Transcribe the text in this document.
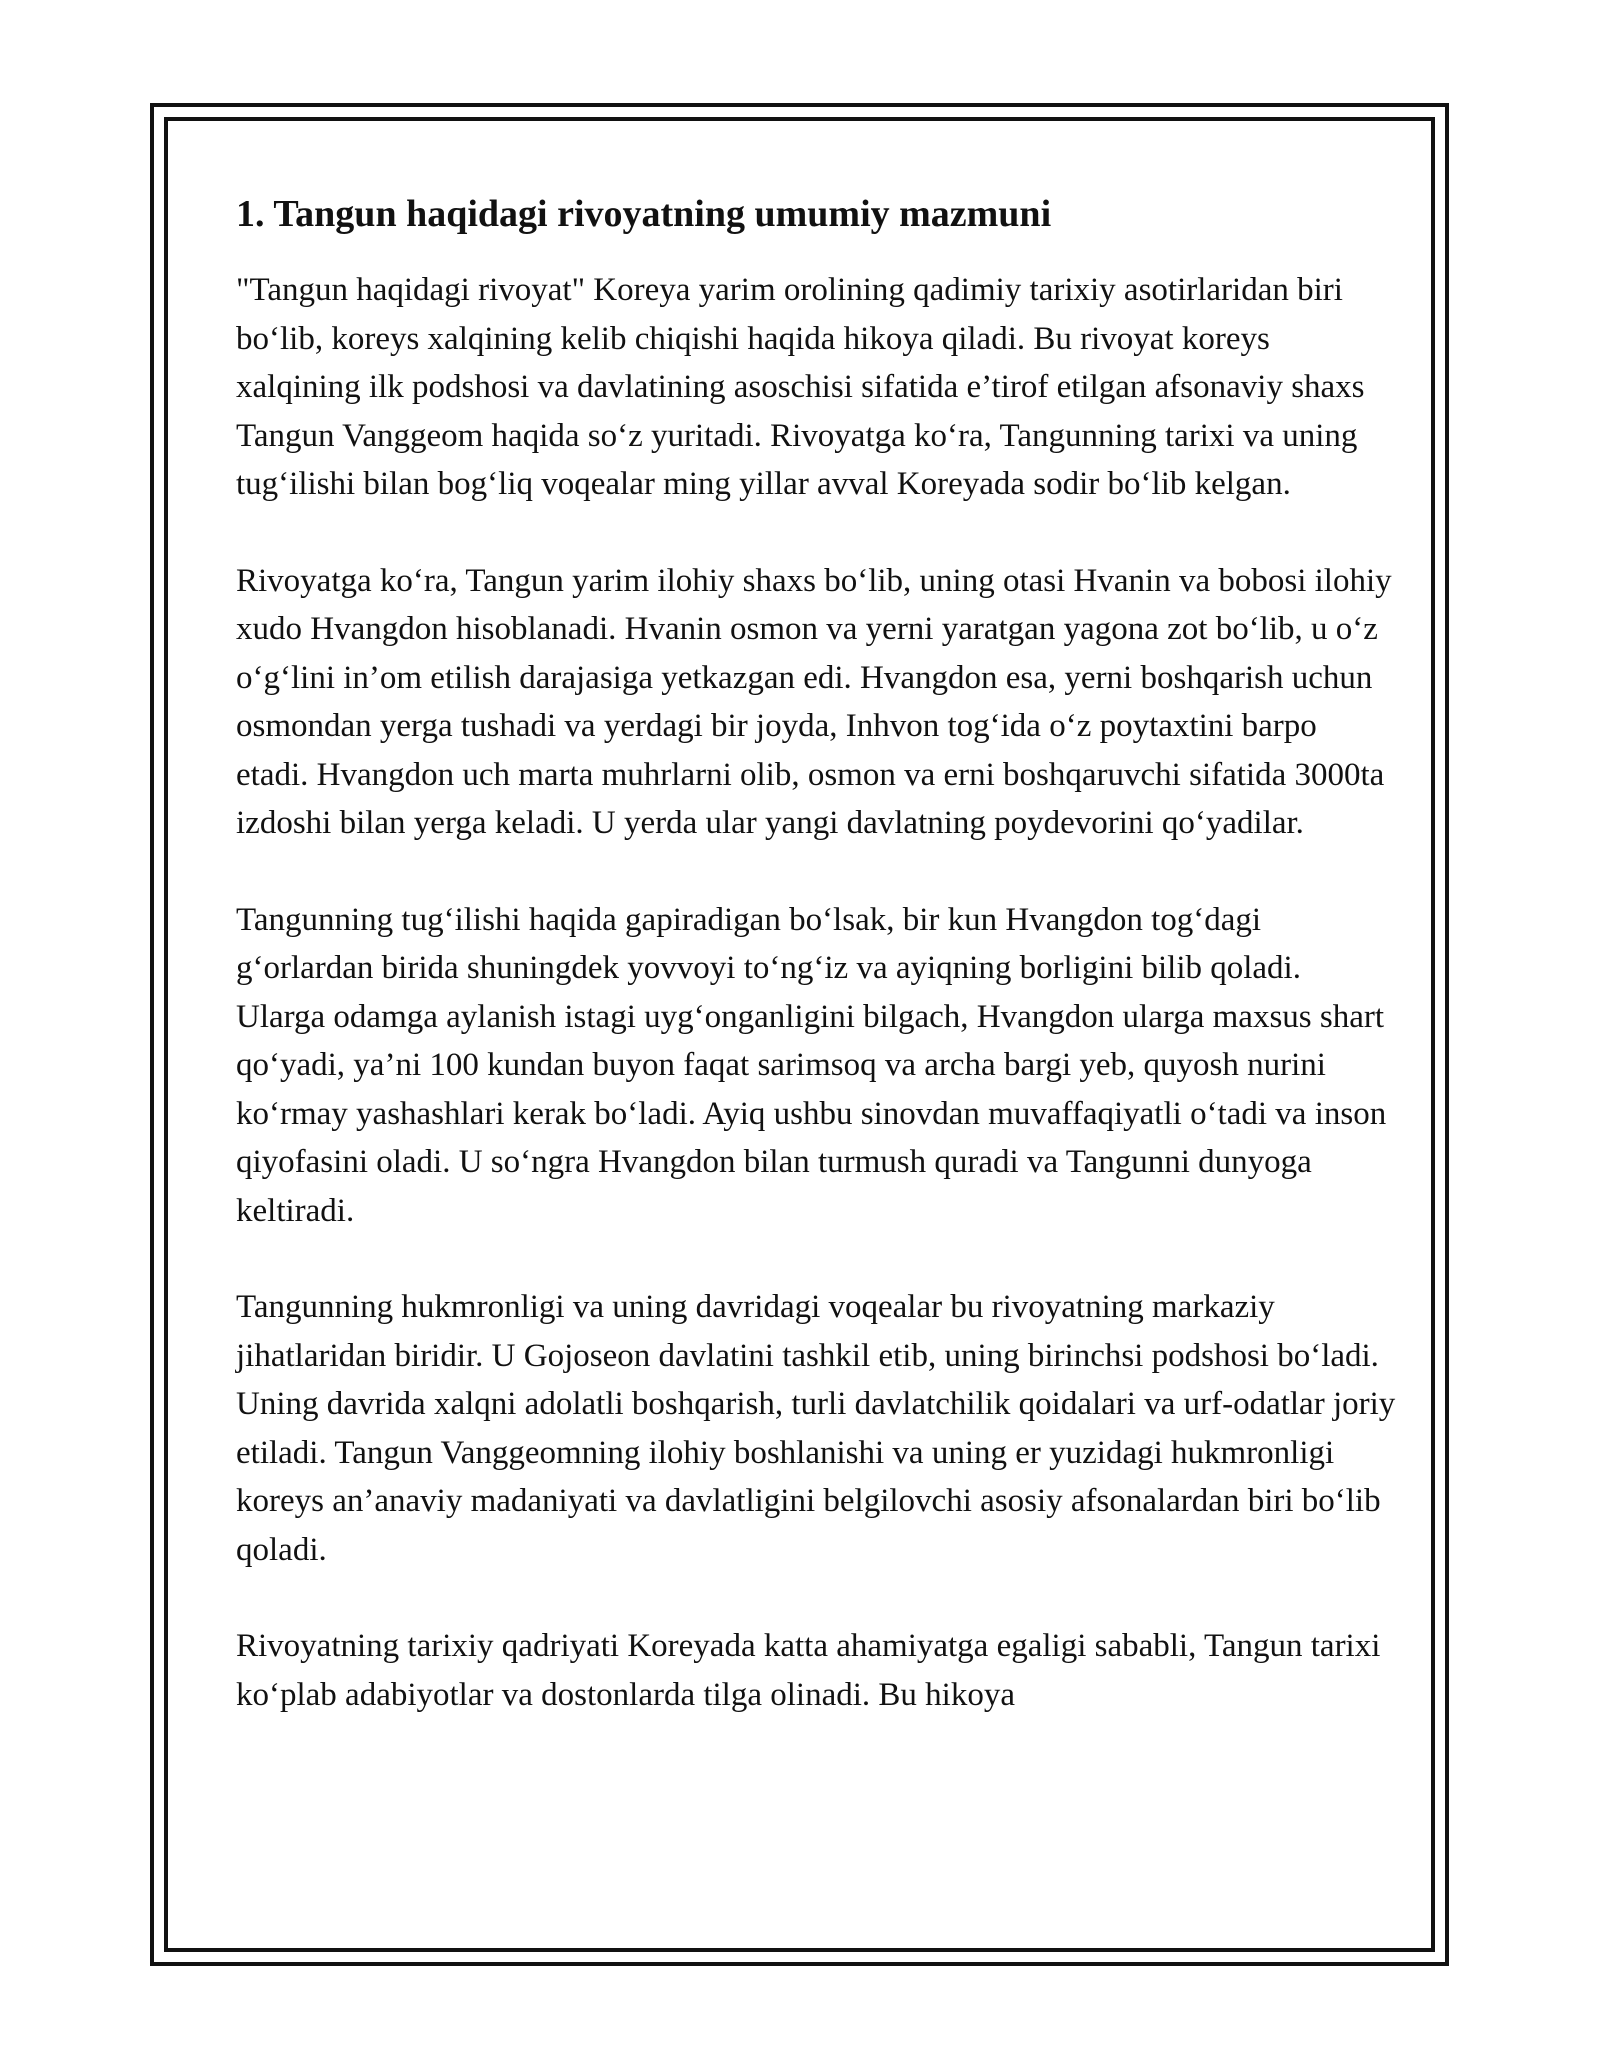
1. Tangun haqidagi rivoyatning umumiy mazmuni

"Tangun haqidagi rivoyat" Koreya yarim orolining qadimiy tarixiy asotirlaridan biri bo‘lib, koreys xalqining kelib chiqishi haqida hikoya qiladi. Bu rivoyat koreys xalqining ilk podshosi va davlatining asoschisi sifatida e’tirof etilgan afsonaviy shaxs Tangun Vanggeom haqida so‘z yuritadi. Rivoyatga ko‘ra, Tangunning tarixi va uning tug‘ilishi bilan bog‘liq voqealar ming yillar avval Koreyada sodir bo‘lib kelgan.

Rivoyatga ko‘ra, Tangun yarim ilohiy shaxs bo‘lib, uning otasi Hvanin va bobosi ilohiy xudo Hvangdon hisoblanadi. Hvanin osmon va yerni yaratgan yagona zot bo‘lib, u o‘z o‘g‘lini in’om etilish darajasiga yetkazgan edi. Hvangdon esa, yerni boshqarish uchun osmondan yerga tushadi va yerdagi bir joyda, Inhvon tog‘ida o‘z poytaxtini barpo etadi. Hvangdon uch marta muhrlarni olib, osmon va erni boshqaruvchi sifatida 3000ta izdoshi bilan yerga keladi. U yerda ular yangi davlatning poydevorini qo‘yadilar.

Tangunning tug‘ilishi haqida gapiradigan bo‘lsak, bir kun Hvangdon tog‘dagi g‘orlardan birida shuningdek yovvoyi to‘ng‘iz va ayiqning borligini bilib qoladi. Ularga odamga aylanish istagi uyg‘onganligini bilgach, Hvangdon ularga maxsus shart qo‘yadi, ya’ni 100 kundan buyon faqat sarimsoq va archa bargi yeb, quyosh nurini ko‘rmay yashashlari kerak bo‘ladi. Ayiq ushbu sinovdan muvaffaqiyatli o‘tadi va inson qiyofasini oladi. U so‘ngra Hvangdon bilan turmush quradi va Tangunni dunyoga keltiradi.

Tangunning hukmronligi va uning davridagi voqealar bu rivoyatning markaziy jihatlaridan biridir. U Gojoseon davlatini tashkil etib, uning birinchsi podshosi bo‘ladi. Uning davrida xalqni adolatli boshqarish, turli davlatchilik qoidalari va urf-odatlar joriy etiladi. Tangun Vanggeomning ilohiy boshlanishi va uning er yuzidagi hukmronligi koreys an’anaviy madaniyati va davlatligini belgilovchi asosiy afsonalardan biri bo‘lib qoladi.

Rivoyatning tarixiy qadriyati Koreyada katta ahamiyatga egaligi sababli, Tangun tarixi ko‘plab adabiyotlar va dostonlarda tilga olinadi. Bu hikoya
